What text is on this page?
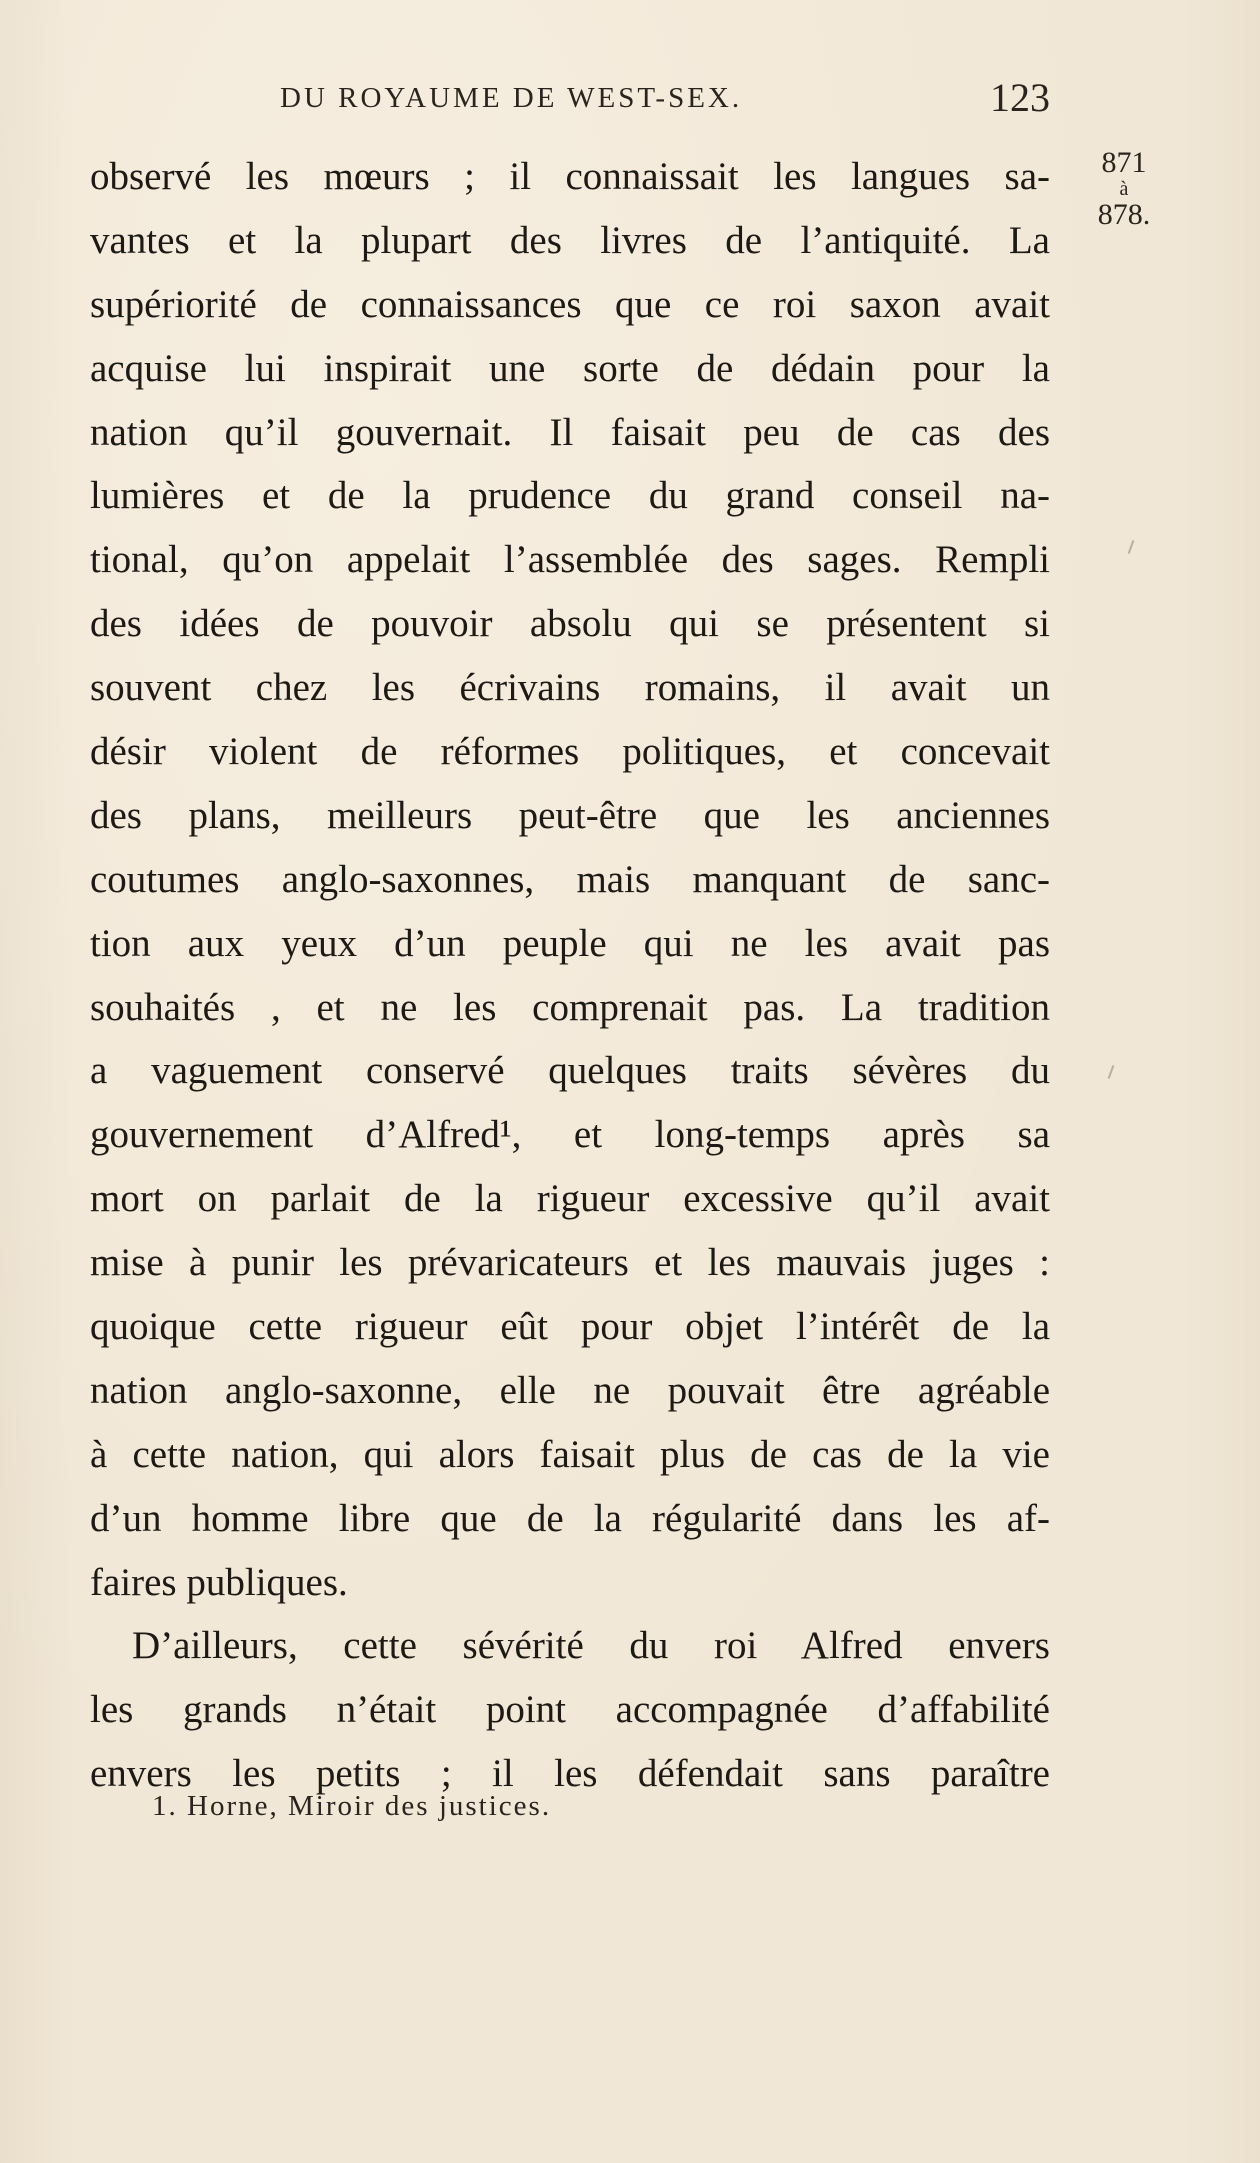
DU ROYAUME DE WEST-SEX.	123
871
à
878.
observé les mœurs ; il connaissait les langues sa-
vantes et la plupart des livres de l’antiquité. La
supériorité de connaissances que ce roi saxon avait
acquise lui inspirait une sorte de dédain pour la
nation qu’il gouvernait. Il faisait peu de cas des
lumières et de la prudence du grand conseil na-
tional, qu’on appelait l’assemblée des sages. Rempli
des idées de pouvoir absolu qui se présentent si
souvent chez les écrivains romains, il avait un
désir violent de réformes politiques, et concevait
des plans, meilleurs peut-être que les anciennes
coutumes anglo-saxonnes, mais manquant de sanc-
tion aux yeux d’un peuple qui ne les avait pas
souhaités , et ne les comprenait pas. La tradition
a vaguement conservé quelques traits sévères du
gouvernement d’Alfred¹, et long-temps après sa
mort on parlait de la rigueur excessive qu’il avait
mise à punir les prévaricateurs et les mauvais juges :
quoique cette rigueur eût pour objet l’intérêt de la
nation anglo-saxonne, elle ne pouvait être agréable
à cette nation, qui alors faisait plus de cas de la vie
d’un homme libre que de la régularité dans les af-
faires publiques.
D’ailleurs, cette sévérité du roi Alfred envers
les grands n’était point accompagnée d’affabilité
envers les petits ; il les défendait sans paraître
1. Horne, Miroir des justices.
